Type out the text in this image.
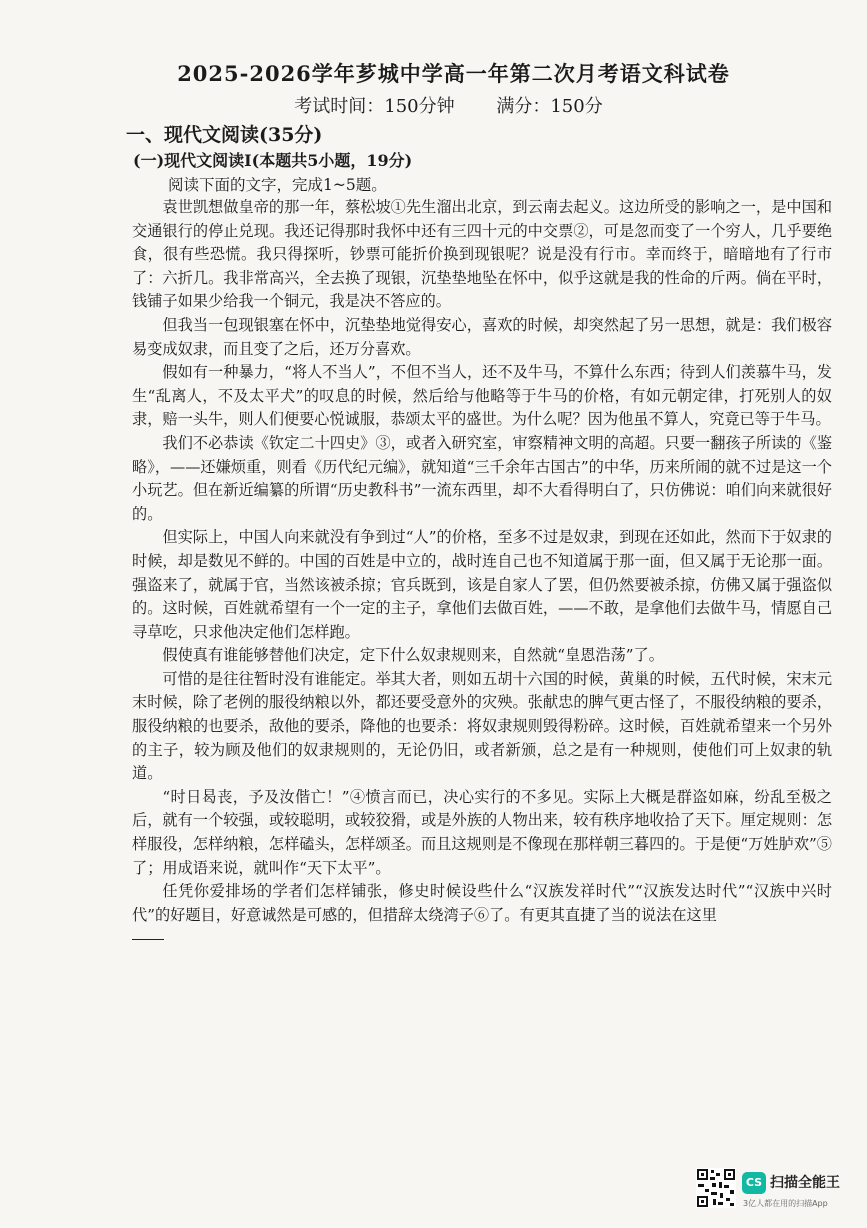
2025-2026学年芗城中学高一年第二次月考语文科试卷
考试时间：150分钟 满分：150分
一、现代文阅读(35分)
(一)现代文阅读Ⅰ(本题共5小题，19分)
阅读下面的文字，完成1~5题。

袁世凯想做皇帝的那一年，蔡松坡①先生溜出北京，到云南去起义。这边所受的影响之一，是中国和交通银行的停止兑现。我还记得那时我怀中还有三四十元的中交票②，可是忽而变了一个穷人，几乎要绝食，很有些恐慌。我只得探听，钞票可能折价换到现银呢？说是没有行市。幸而终于，暗暗地有了行市了：六折几。我非常高兴，全去换了现银，沉垫垫地坠在怀中，似乎这就是我的性命的斤两。倘在平时，钱铺子如果少给我一个铜元，我是决不答应的。

但我当一包现银塞在怀中，沉垫垫地觉得安心，喜欢的时候，却突然起了另一思想，就是：我们极容易变成奴隶，而且变了之后，还万分喜欢。

假如有一种暴力，“将人不当人”，不但不当人，还不及牛马，不算什么东西；待到人们羡慕牛马，发生“乱离人，不及太平犬”的叹息的时候，然后给与他略等于牛马的价格，有如元朝定律，打死别人的奴隶，赔一头牛，则人们便要心悦诚服，恭颂太平的盛世。为什么呢？因为他虽不算人，究竟已等于牛马。

我们不必恭读《钦定二十四史》③，或者入研究室，审察精神文明的高超。只要一翻孩子所读的《鉴略》，——还嫌烦重，则看《历代纪元编》，就知道“三千余年古国古”的中华，历来所闹的就不过是这一个小玩艺。但在新近编纂的所谓“历史教科书”一流东西里，却不大看得明白了，只仿佛说：咱们向来就很好的。

但实际上，中国人向来就没有争到过“人”的价格，至多不过是奴隶，到现在还如此，然而下于奴隶的时候，却是数见不鲜的。中国的百姓是中立的，战时连自己也不知道属于那一面，但又属于无论那一面。强盗来了，就属于官，当然该被杀掠；官兵既到，该是自家人了罢，但仍然要被杀掠，仿佛又属于强盗似的。这时候，百姓就希望有一个一定的主子，拿他们去做百姓，——不敢，是拿他们去做牛马，情愿自己寻草吃，只求他决定他们怎样跑。

假使真有谁能够替他们决定，定下什么奴隶规则来，自然就“皇恩浩荡”了。

可惜的是往往暂时没有谁能定。举其大者，则如五胡十六国的时候，黄巢的时候，五代时候，宋末元末时候，除了老例的服役纳粮以外，都还要受意外的灾殃。张献忠的脾气更古怪了，不服役纳粮的要杀，服役纳粮的也要杀，敌他的要杀，降他的也要杀：将奴隶规则毁得粉碎。这时候，百姓就希望来一个另外的主子，较为顾及他们的奴隶规则的，无论仍旧，或者新颁，总之是有一种规则，使他们可上奴隶的轨道。

“时日曷丧，予及汝偕亡！”④愤言而已，决心实行的不多见。实际上大概是群盗如麻，纷乱至极之后，就有一个较强，或较聪明，或较狡猾，或是外族的人物出来，较有秩序地收拾了天下。厘定规则：怎样服役，怎样纳粮，怎样磕头，怎样颂圣。而且这规则是不像现在那样朝三暮四的。于是便“万姓胪欢”⑤了；用成语来说，就叫作“天下太平”。

任凭你爱排场的学者们怎样铺张，修史时候设些什么“汉族发祥时代”“汉族发达时代”“汉族中兴时代”的好题目，好意诚然是可感的，但措辞太绕湾子⑥了。有更其直捷了当的说法在这里

CS 扫描全能王
3亿人都在用的扫描App
